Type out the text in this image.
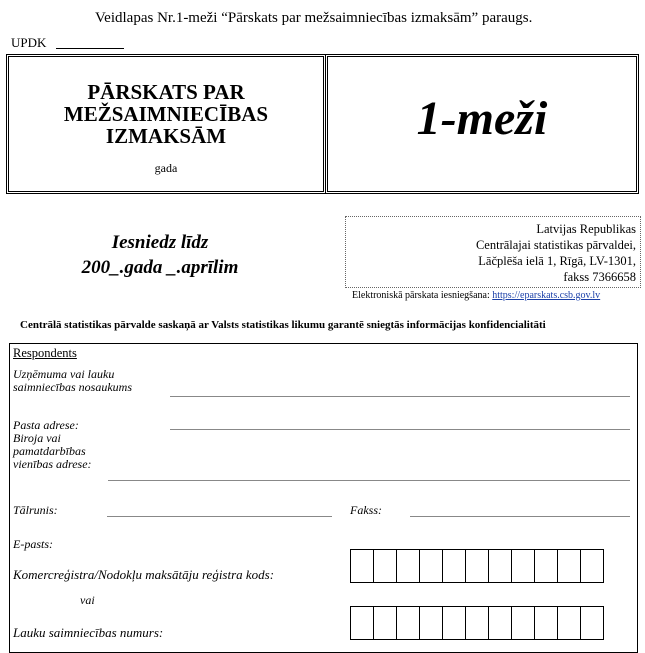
Veidlapas Nr.1-meži “Pārskats par mežsaimniecības izmaksām” paraugs.
UPDK
PĀRSKATS PAR
MEŽSAIMNIECĪBAS
IZMAKSĀM
gada
1-meži
Iesniedz līdz
200_.gada _.aprīlim
Latvijas Republikas
Centrālajai statistikas pārvaldei,
Lāčplēša ielā 1, Rīgā, LV-1301,
fakss 7366658
Elektroniskā pārskata iesniegšana: https://eparskats.csb.gov.lv
Centrālā statistikas pārvalde saskaņā ar Valsts statistikas likumu garantē sniegtās informācijas konfidencialitāti
Respondents
Uzņēmuma vai lauku
saimniecības nosaukums
Pasta adrese:
Biroja vai
pamatdarbības
vienības adrese:
Tālrunis:	Fakss:
E-pasts:
Komercreģistra/Nodokļu maksātāju reģistra kods:
vai
Lauku saimniecības numurs:
